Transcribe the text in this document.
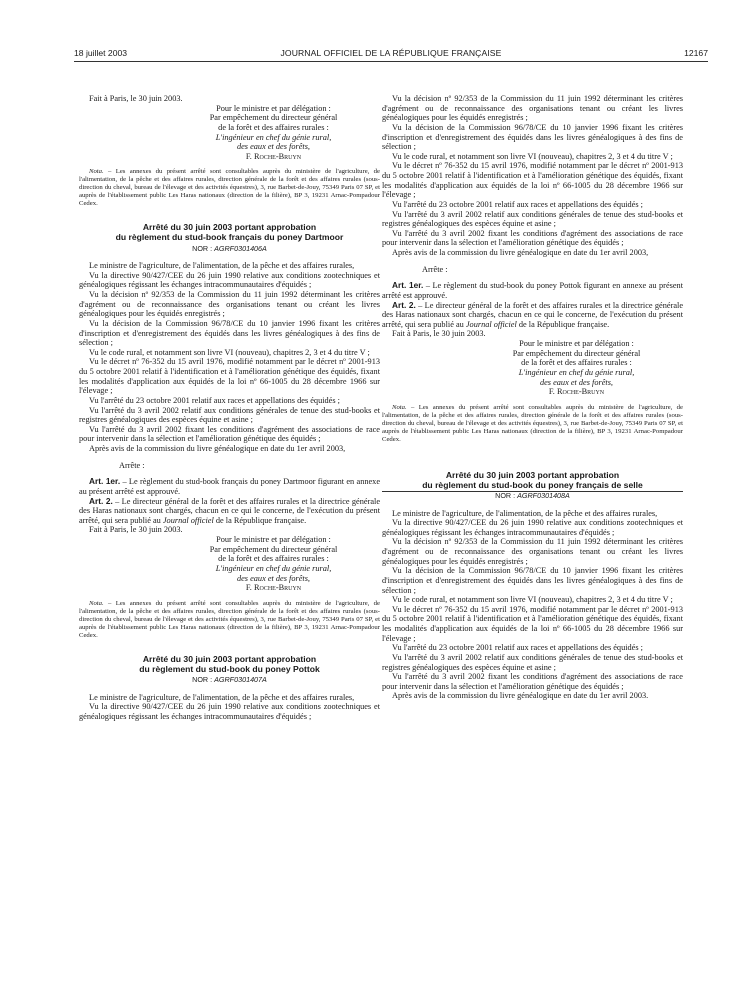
18 juillet 2003	JOURNAL OFFICIEL DE LA RÉPUBLIQUE FRANÇAISE	12167

Fait à Paris, le 30 juin 2003.

Pour le ministre et par délégation :
Par empêchement du directeur général
de la forêt et des affaires rurales :
L'ingénieur en chef du génie rural,
des eaux et des forêts,
F. Roche-Bruyn

Nota. – Les annexes du présent arrêté sont consultables auprès du ministère de l'agriculture, de l'alimentation, de la pêche et des affaires rurales, direction générale de la forêt et des affaires rurales (sous-direction du cheval, bureau de l'élevage et des activités équestres), 3, rue Barbet-de-Jouy, 75349 Paris 07 SP, et auprès de l'établissement public Les Haras nationaux (direction de la filière), BP 3, 19231 Arnac-Pompadour Cedex.

Arrêté du 30 juin 2003 portant approbation
du règlement du stud-book français du poney Dartmoor
NOR : AGRF0301406A

Le ministre de l'agriculture, de l'alimentation, de la pêche et des affaires rurales,

Vu la directive 90/427/CEE du 26 juin 1990 relative aux conditions zootechniques et généalogiques régissant les échanges intracommunautaires d'équidés ;

Vu la décision nº 92/353 de la Commission du 11 juin 1992 déterminant les critères d'agrément ou de reconnaissance des organisations tenant ou créant les livres généalogiques pour les équidés enregistrés ;

Vu la décision de la Commission 96/78/CE du 10 janvier 1996 fixant les critères d'inscription et d'enregistrement des équidés dans les livres généalogiques à des fins de sélection ;

Vu le code rural, et notamment son livre VI (nouveau), chapitres 2, 3 et 4 du titre V ;

Vu le décret nº 76-352 du 15 avril 1976, modifié notamment par le décret nº 2001-913 du 5 octobre 2001 relatif à l'identification et à l'amélioration génétique des équidés, fixant les modalités d'application aux équidés de la loi nº 66-1005 du 28 décembre 1966 sur l'élevage ;

Vu l'arrêté du 23 octobre 2001 relatif aux races et appellations des équidés ;

Vu l'arrêté du 3 avril 2002 relatif aux conditions générales de tenue des stud-books et registres généalogiques des espèces équine et asine ;

Vu l'arrêté du 3 avril 2002 fixant les conditions d'agrément des associations de race pour intervenir dans la sélection et l'amélioration génétique des équidés ;

Après avis de la commission du livre généalogique en date du 1er avril 2003,

Arrête :

Art. 1er. – Le règlement du stud-book français du poney Dartmoor figurant en annexe au présent arrêté est approuvé.

Art. 2. – Le directeur général de la forêt et des affaires rurales et la directrice générale des Haras nationaux sont chargés, chacun en ce qui le concerne, de l'exécution du présent arrêté, qui sera publié au Journal officiel de la République française.

Fait à Paris, le 30 juin 2003.

Pour le ministre et par délégation :
Par empêchement du directeur général
de la forêt et des affaires rurales :
L'ingénieur en chef du génie rural,
des eaux et des forêts,
F. Roche-Bruyn

Nota. – Les annexes du présent arrêté sont consultables auprès du ministère de l'agriculture, de l'alimentation, de la pêche et des affaires rurales, direction générale de la forêt et des affaires rurales (sous-direction du cheval, bureau de l'élevage et des activités équestres), 3, rue Barbet-de-Jouy, 75349 Paris 07 SP, et auprès de l'établissement public Les Haras nationaux (direction de la filière), BP 3, 19231 Arnac-Pompadour Cedex.

Arrêté du 30 juin 2003 portant approbation
du règlement du stud-book du poney Pottok
NOR : AGRF0301407A

Le ministre de l'agriculture, de l'alimentation, de la pêche et des affaires rurales,

Vu la directive 90/427/CEE du 26 juin 1990 relative aux conditions zootechniques et généalogiques régissant les échanges intracommunautaires d'équidés ;

Vu la décision nº 92/353 de la Commission du 11 juin 1992 déterminant les critères d'agrément ou de reconnaissance des organisations tenant ou créant les livres généalogiques pour les équidés enregistrés ;

Vu la décision de la Commission 96/78/CE du 10 janvier 1996 fixant les critères d'inscription et d'enregistrement des équidés dans les livres généalogiques à des fins de sélection ;

Vu le code rural, et notamment son livre VI (nouveau), chapitres 2, 3 et 4 du titre V ;

Vu le décret nº 76-352 du 15 avril 1976, modifié notamment par le décret nº 2001-913 du 5 octobre 2001 relatif à l'identification et à l'amélioration génétique des équidés, fixant les modalités d'application aux équidés de la loi nº 66-1005 du 28 décembre 1966 sur l'élevage ;

Vu l'arrêté du 23 octobre 2001 relatif aux races et appellations des équidés ;

Vu l'arrêté du 3 avril 2002 relatif aux conditions générales de tenue des stud-books et registres généalogiques des espèces équine et asine ;

Vu l'arrêté du 3 avril 2002 fixant les conditions d'agrément des associations de race pour intervenir dans la sélection et l'amélioration génétique des équidés ;

Après avis de la commission du livre généalogique en date du 1er avril 2003,

Arrête :

Art. 1er. – Le règlement du stud-book du poney Pottok figurant en annexe au présent arrêté est approuvé.

Art. 2. – Le directeur général de la forêt et des affaires rurales et la directrice générale des Haras nationaux sont chargés, chacun en ce qui le concerne, de l'exécution du présent arrêté, qui sera publié au Journal officiel de la République française.

Fait à Paris, le 30 juin 2003.

Pour le ministre et par délégation :
Par empêchement du directeur général
de la forêt et des affaires rurales :
L'ingénieur en chef du génie rural,
des eaux et des forêts,
F. Roche-Bruyn

Nota. – Les annexes du présent arrêté sont consultables auprès du ministère de l'agriculture, de l'alimentation, de la pêche et des affaires rurales, direction générale de la forêt et des affaires rurales (sous-direction du cheval, bureau de l'élevage et des activités équestres), 3, rue Barbet-de-Jouy, 75349 Paris 07 SP, et auprès de l'établissement public Les Haras nationaux (direction de la filière), BP 3, 19231 Arnac-Pompadour Cedex.

Arrêté du 30 juin 2003 portant approbation
du règlement du stud-book du poney français de selle
NOR : AGRF0301408A

Le ministre de l'agriculture, de l'alimentation, de la pêche et des affaires rurales,

Vu la directive 90/427/CEE du 26 juin 1990 relative aux conditions zootechniques et généalogiques régissant les échanges intracommunautaires d'équidés ;

Vu la décision nº 92/353 de la Commission du 11 juin 1992 déterminant les critères d'agrément ou de reconnaissance des organisations tenant ou créant les livres généalogiques pour les équidés enregistrés ;

Vu la décision de la Commission 96/78/CE du 10 janvier 1996 fixant les critères d'inscription et d'enregistrement des équidés dans les livres généalogiques à des fins de sélection ;

Vu le code rural, et notamment son livre VI (nouveau), chapitres 2, 3 et 4 du titre V ;

Vu le décret nº 76-352 du 15 avril 1976, modifié notamment par le décret nº 2001-913 du 5 octobre 2001 relatif à l'identification et à l'amélioration génétique des équidés, fixant les modalités d'application aux équidés de la loi nº 66-1005 du 28 décembre 1966 sur l'élevage ;

Vu l'arrêté du 23 octobre 2001 relatif aux races et appellations des équidés ;

Vu l'arrêté du 3 avril 2002 relatif aux conditions générales de tenue des stud-books et registres généalogiques des espèces équine et asine ;

Vu l'arrêté du 3 avril 2002 fixant les conditions d'agrément des associations de race pour intervenir dans la sélection et l'amélioration génétique des équidés ;

Après avis de la commission du livre généalogique en date du 1er avril 2003.
